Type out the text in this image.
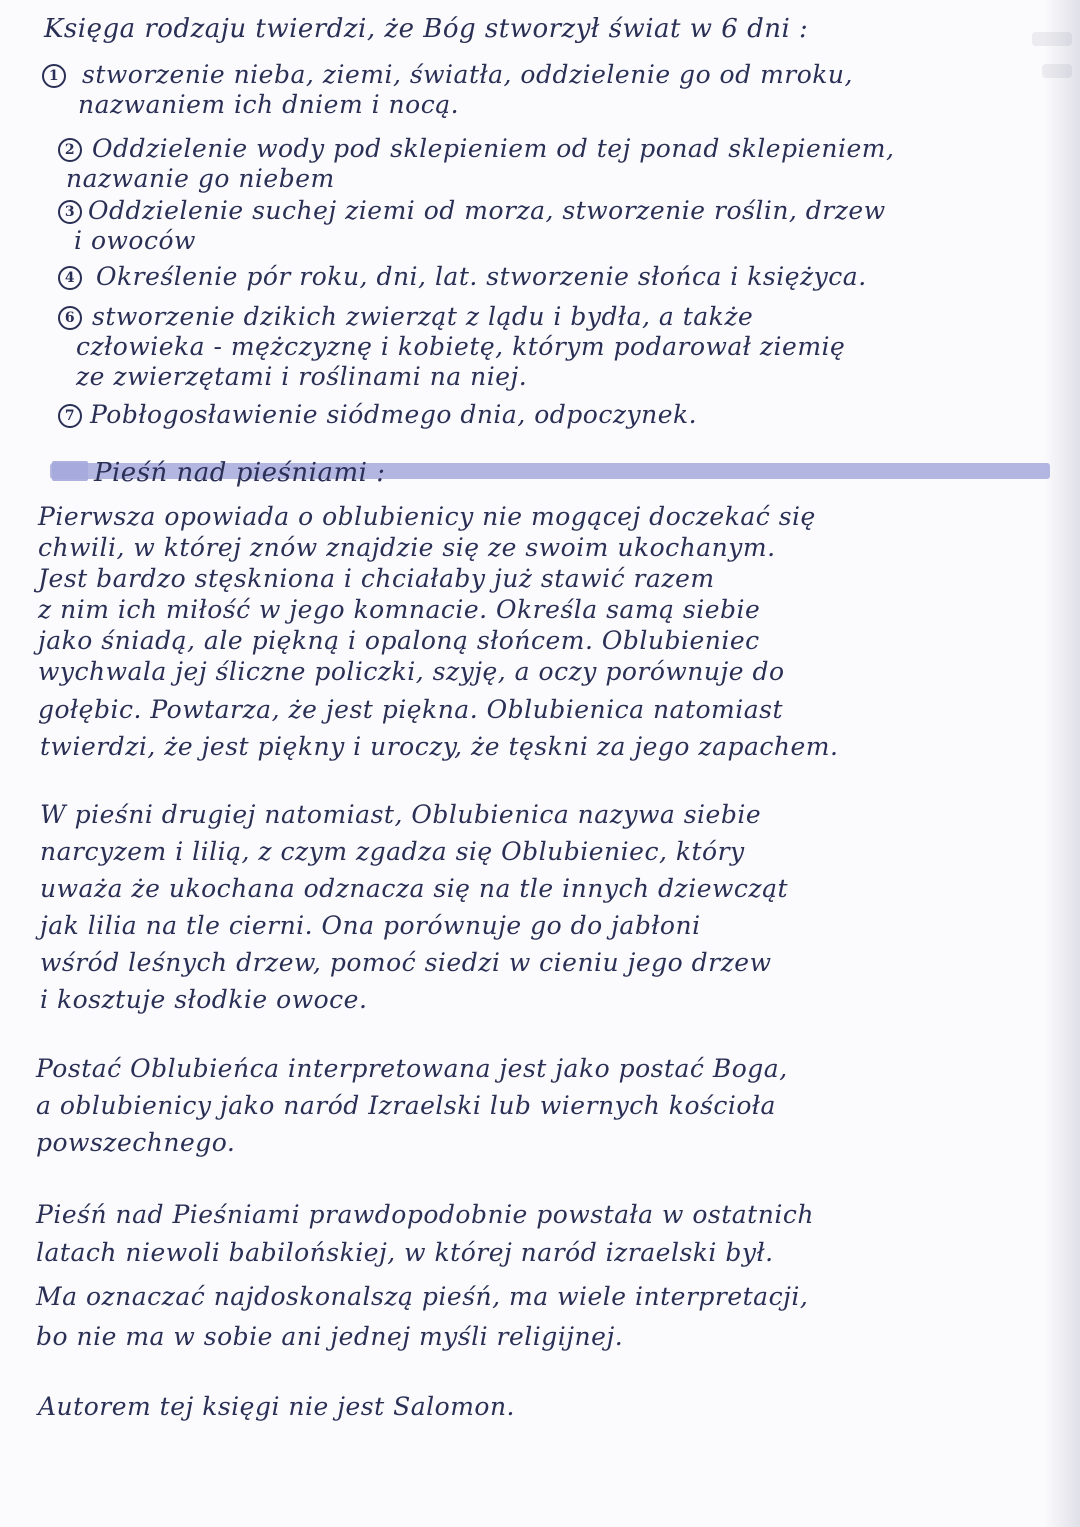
Księga rodzaju twierdzi, że Bóg stworzył świat w 6 dni :
1 stworzenie nieba, ziemi, światła, oddzielenie go od mroku,
nazwaniem ich dniem i nocą.
2 Oddzielenie wody pod sklepieniem od tej ponad sklepieniem,
nazwanie go niebem
3 Oddzielenie suchej ziemi od morza, stworzenie roślin, drzew
i owoców
4 Określenie pór roku, dni, lat. stworzenie słońca i księżyca.
6 stworzenie dzikich zwierząt z lądu i bydła, a także
człowieka - mężczyznę i kobietę, którym podarował ziemię
ze zwierzętami i roślinami na niej.
7 Pobłogosławienie siódmego dnia, odpoczynek.
Pieśń nad pieśniami :
Pierwsza opowiada o oblubienicy nie mogącej doczekać się
chwili, w której znów znajdzie się ze swoim ukochanym.
Jest bardzo stęskniona i chciałaby już stawić razem
z nim ich miłość w jego komnacie. Określa samą siebie
jako śniadą, ale piękną i opaloną słońcem. Oblubieniec
wychwala jej śliczne policzki, szyję, a oczy porównuje do
gołębic. Powtarza, że jest piękna. Oblubienica natomiast
twierdzi, że jest piękny i uroczy, że tęskni za jego zapachem.
W pieśni drugiej natomiast, Oblubienica nazywa siebie
narcyzem i lilią, z czym zgadza się Oblubieniec, który
uważa że ukochana odznacza się na tle innych dziewcząt
jak lilia na tle cierni. Ona porównuje go do jabłoni
wśród leśnych drzew, pomoć siedzi w cieniu jego drzew
i kosztuje słodkie owoce.
Postać Oblubieńca interpretowana jest jako postać Boga,
a oblubienicy jako naród Izraelski lub wiernych kościoła
powszechnego.
Pieśń nad Pieśniami prawdopodobnie powstała w ostatnich
latach niewoli babilońskiej, w której naród izraelski był.
Ma oznaczać najdoskonalszą pieśń, ma wiele interpretacji,
bo nie ma w sobie ani jednej myśli religijnej.
Autorem tej księgi nie jest Salomon.
